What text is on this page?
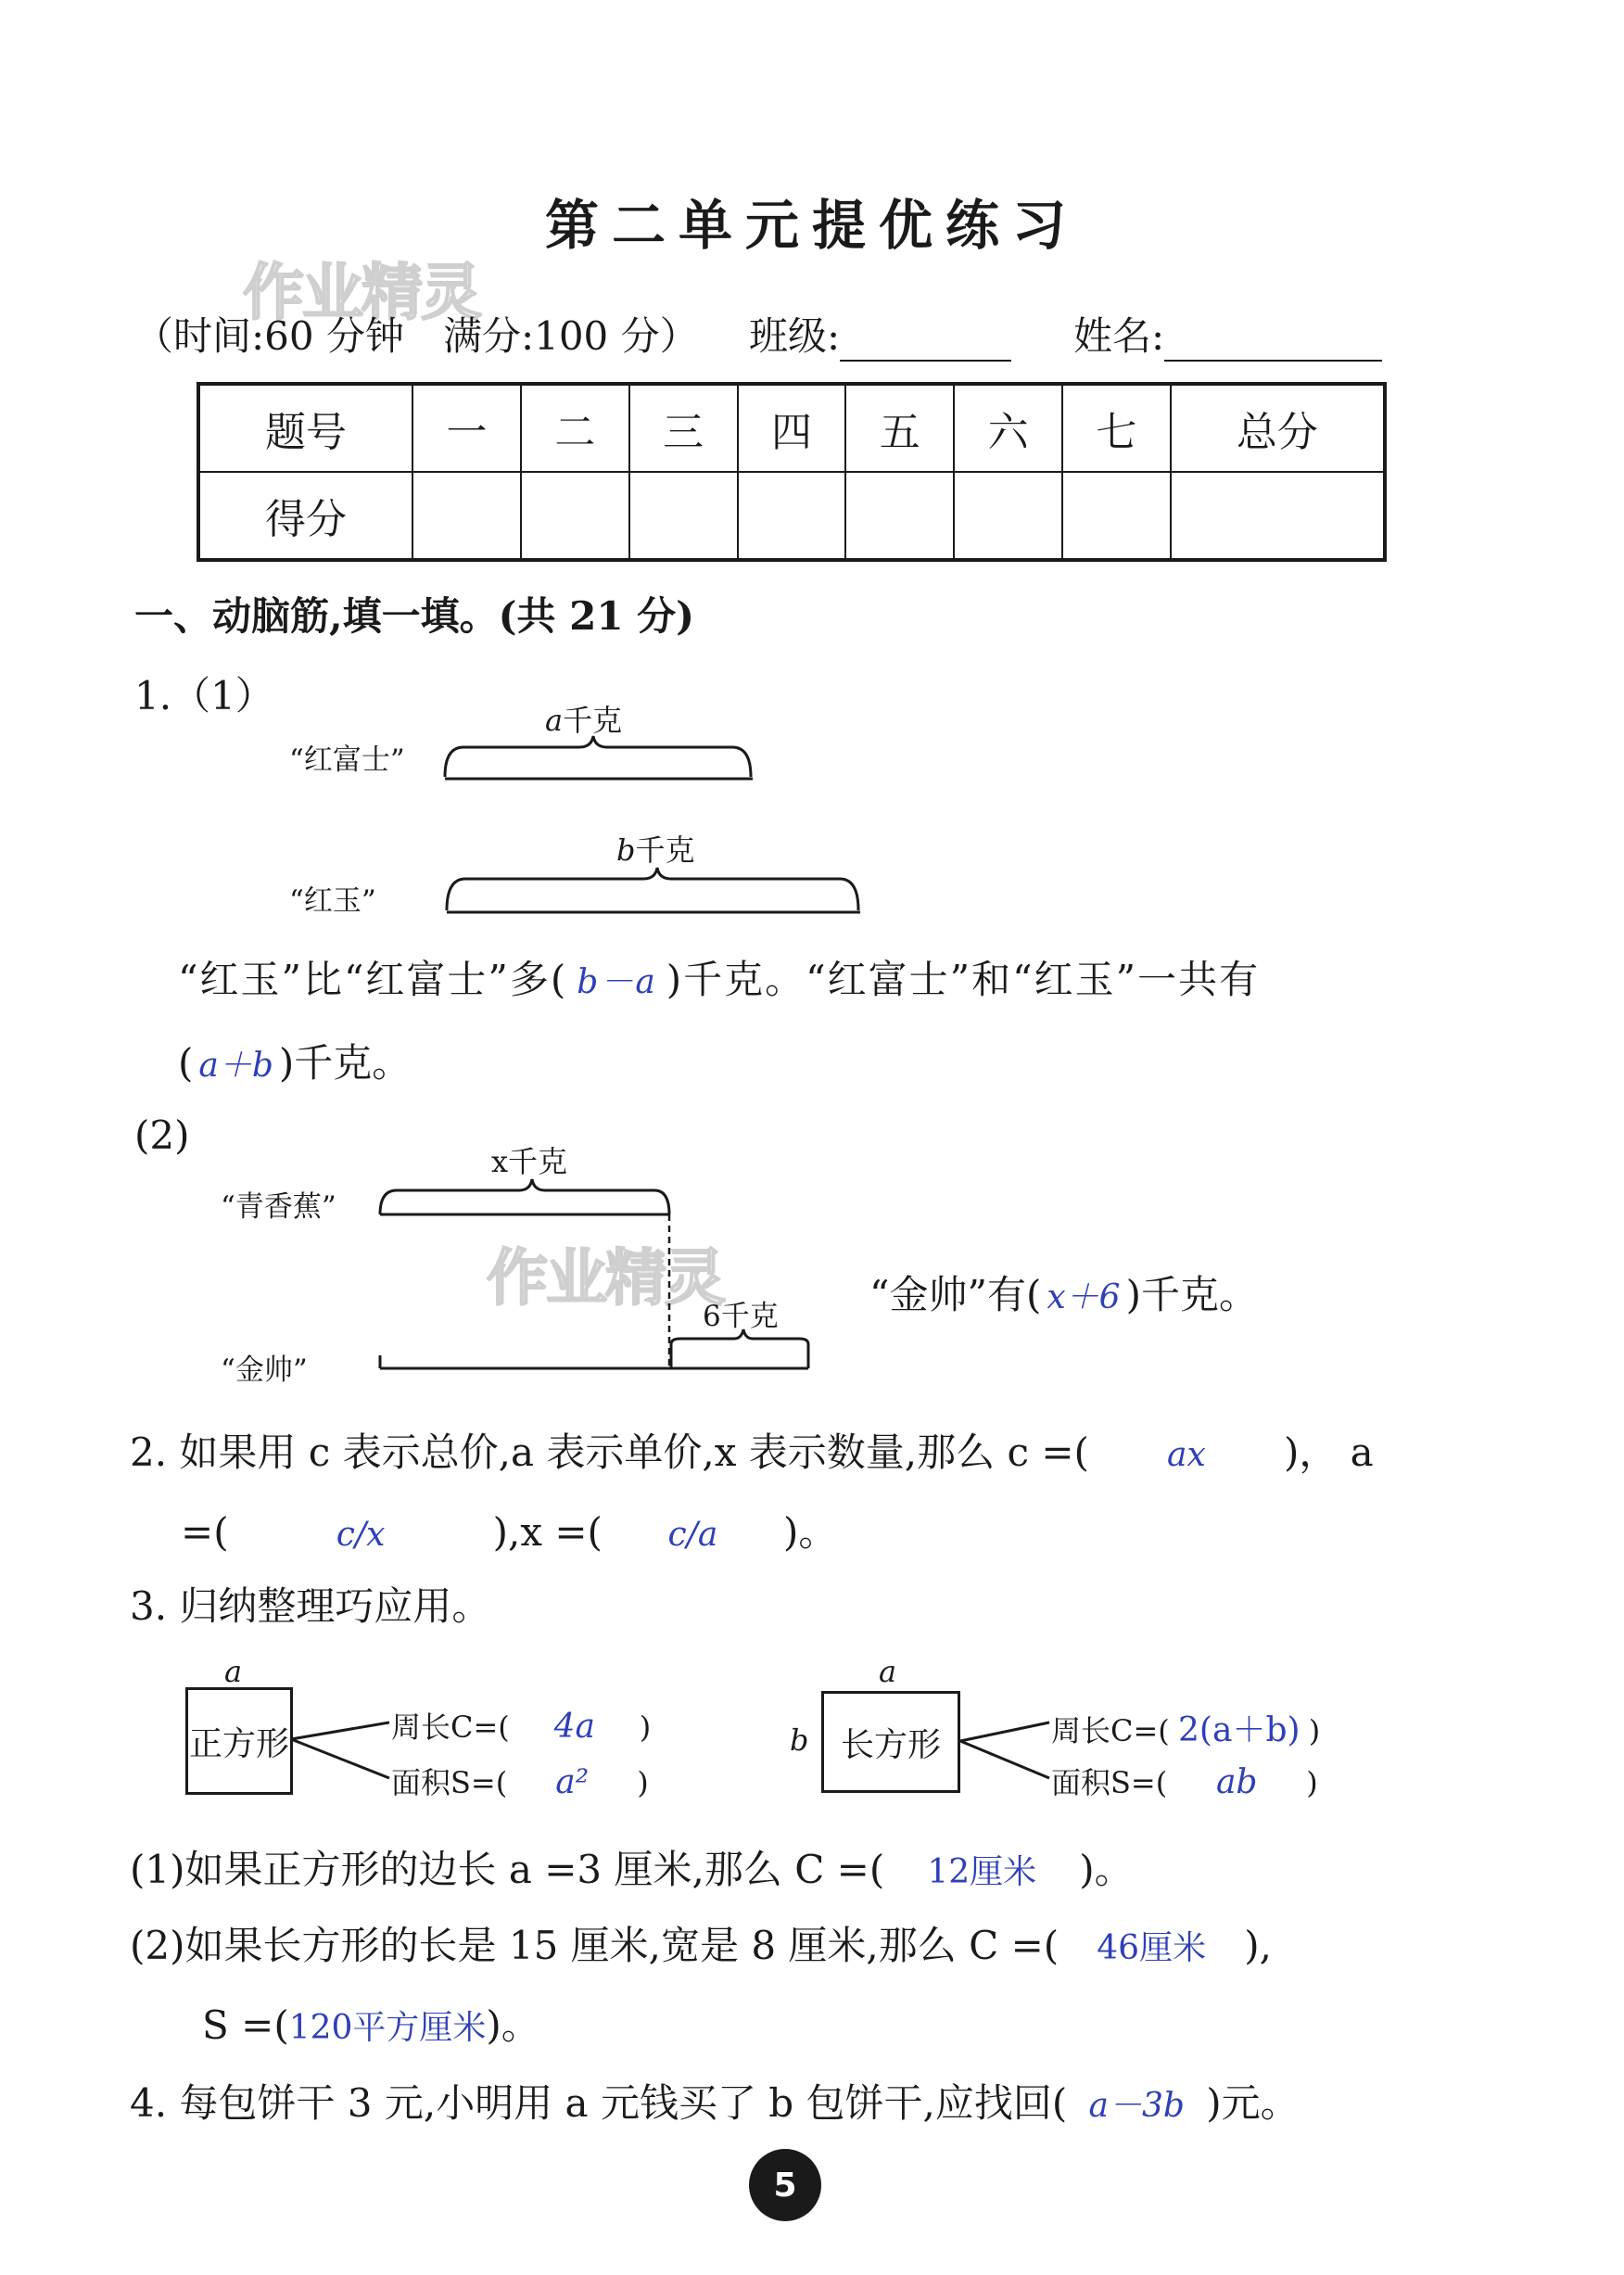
第二单元提优练习
作业精灵
作业精灵
（时间:60 分钟　满分:100 分） 班级:	姓名:
题号	一	二	三	四	五	六	七	总分
得分								
一、动脑筋,填一填。(共 21 分)
1.（1）
a千克
“红富士”
b千克
“红玉”
“红玉”比“红富士”多( b－a )千克。“红富士”和“红玉”一共有
( a＋b )千克。
(2)
x千克
“青香蕉”
6千克
“金帅”
“金帅”有( x＋6 )千克。
2. 如果用 c 表示总价,a 表示单价,x 表示数量,那么 c =( ax )， a
=(	c/x	),x =( c/a )。
3. 归纳整理巧应用。
a
正方形	周长C=( 4a )
面积S=( a² )
a
b 长方形	周长C=( 2(a＋b) )
面积S=( ab )
(1)如果正方形的边长 a =3 厘米,那么 C =( 12厘米 )。
(2)如果长方形的长是 15 厘米,宽是 8 厘米,那么 C =( 46厘米 ),
S =(120平方厘米)。
4. 每包饼干 3 元,小明用 a 元钱买了 b 包饼干,应找回( a－3b )元。
5
